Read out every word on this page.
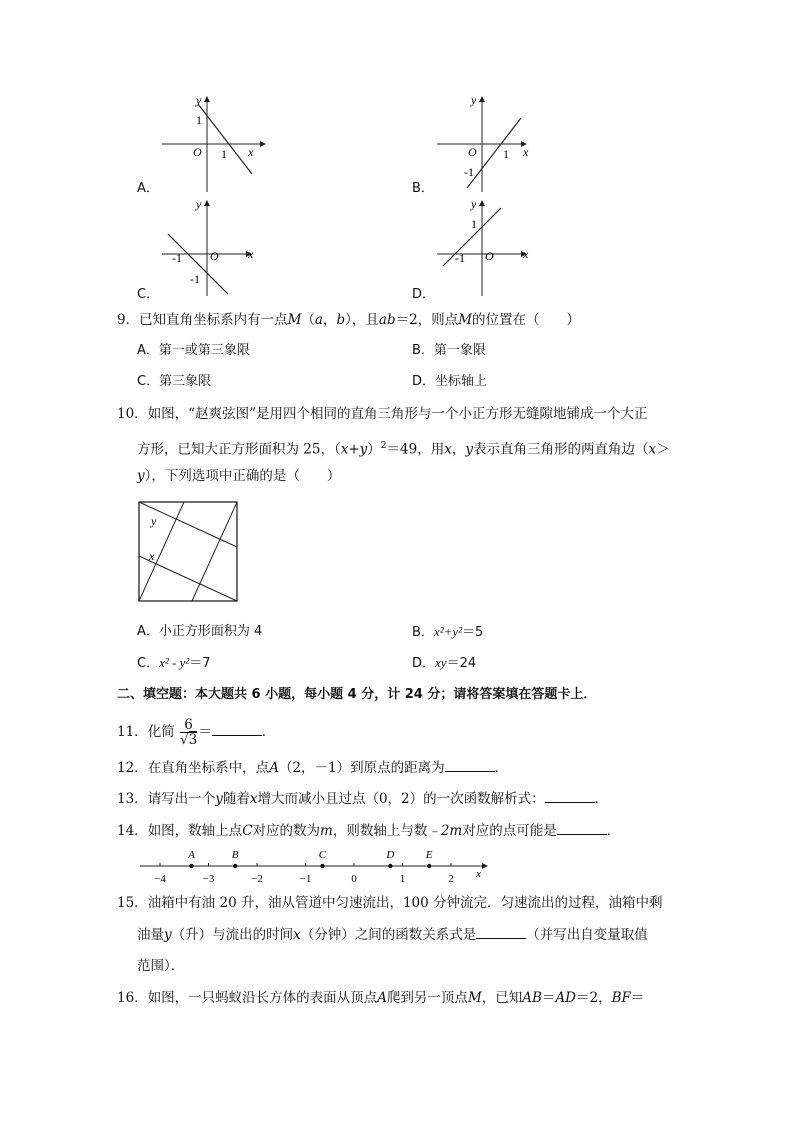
A．
y
x
O
1
1
B．
y
x
O 1
-1
C．
y
x
O
-1
-1
D．
y
x
O
-1
1
9．已知直角坐标系内有一点M（a，b），且ab＝2，则点M的位置在（　　）
A．第一或第三象限	B．第一象限
C．第三象限	D．坐标轴上
10．如图，“赵爽弦图”是用四个相同的直角三角形与一个小正方形无缝隙地铺成一个大正
方形，已知大正方形面积为 25，$(x+y)^2=49$，用x，y表示直角三角形的两直角边（x＞
y），下列选项中正确的是（　　）
y
x
A．小正方形面积为 4	B．x²+y²＝5
C．x² - y²＝7	D．xy＝24
二、填空题：本大题共 6 小题，每小题 4 分，计 24 分；请将答案填在答题卡上．
11．化简 $\frac{6}{√3}$ ＝	．
12．在直角坐标系中，点A（2，－1）到原点的距离为	．
13．请写出一个y随着x增大而减小且过点（0，2）的一次函数解析式：	．
14．如图，数轴上点C对应的数为m，则数轴上与数﹣2m对应的点可能是	．
−4	−3	−2	−1	0	1	2
A	B	C	D	E
x
15．油箱中有油 20 升，油从管道中匀速流出，100 分钟流完．匀速流出的过程，油箱中剩
油量y（升）与流出的时间x（分钟）之间的函数关系式是	（并写出自变量取值
范围）．
16．如图，一只蚂蚁沿长方体的表面从顶点A爬到另一顶点M，已知AB＝AD＝2，BF＝
